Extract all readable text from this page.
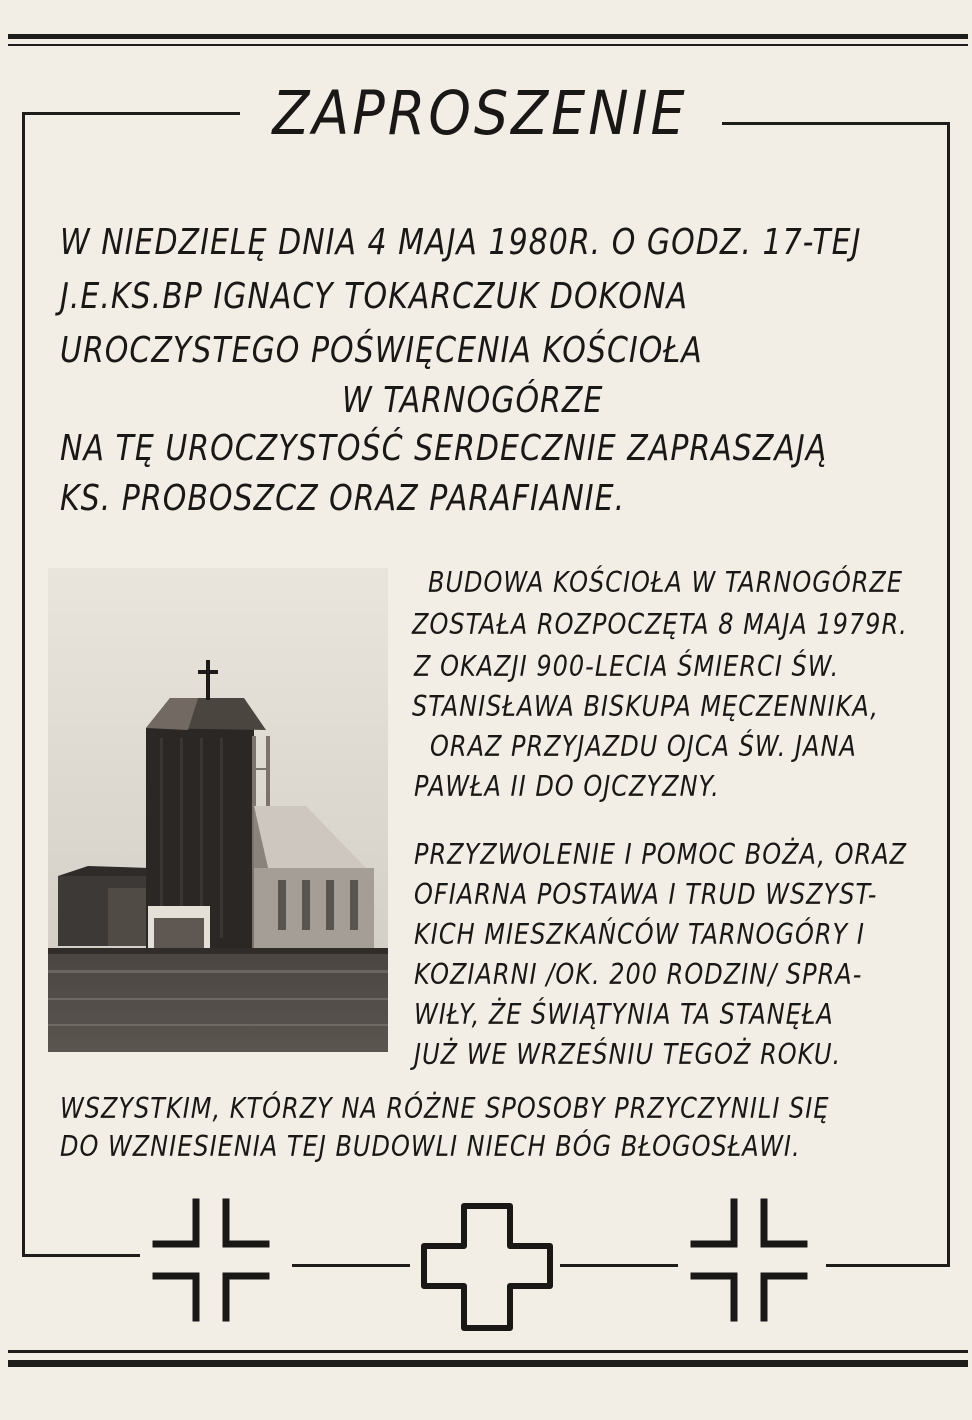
ZAPROSZENIE
W NIEDZIELĘ DNIA 4 MAJA 1980R. O GODZ. 17-TEJ
J.E.KS.BP IGNACY TOKARCZUK DOKONA
UROCZYSTEGO POŚWIĘCENIA KOŚCIOŁA
W TARNOGÓRZE
NA TĘ UROCZYSTOŚĆ SERDECZNIE ZAPRASZAJĄ
KS. PROBOSZCZ ORAZ PARAFIANIE.
BUDOWA KOŚCIOŁA W TARNOGÓRZE
ZOSTAŁA ROZPOCZĘTA 8 MAJA 1979R.
Z OKAZJI 900-LECIA ŚMIERCI ŚW.
STANISŁAWA BISKUPA MĘCZENNIKA,
ORAZ PRZYJAZDU OJCA ŚW. JANA
PAWŁA II DO OJCZYZNY.
PRZYZWOLENIE I POMOC BOŻA, ORAZ
OFIARNA POSTAWA I TRUD WSZYST-
KICH MIESZKAŃCÓW TARNOGÓRY I
KOZIARNI /OK. 200 RODZIN/ SPRA-
WIŁY, ŻE ŚWIĄTYNIA TA STANĘŁA
JUŻ WE WRZEŚNIU TEGOŻ ROKU.
WSZYSTKIM, KTÓRZY NA RÓŻNE SPOSOBY PRZYCZYNILI SIĘ
DO WZNIESIENIA TEJ BUDOWLI NIECH BÓG BŁOGOSŁAWI.
